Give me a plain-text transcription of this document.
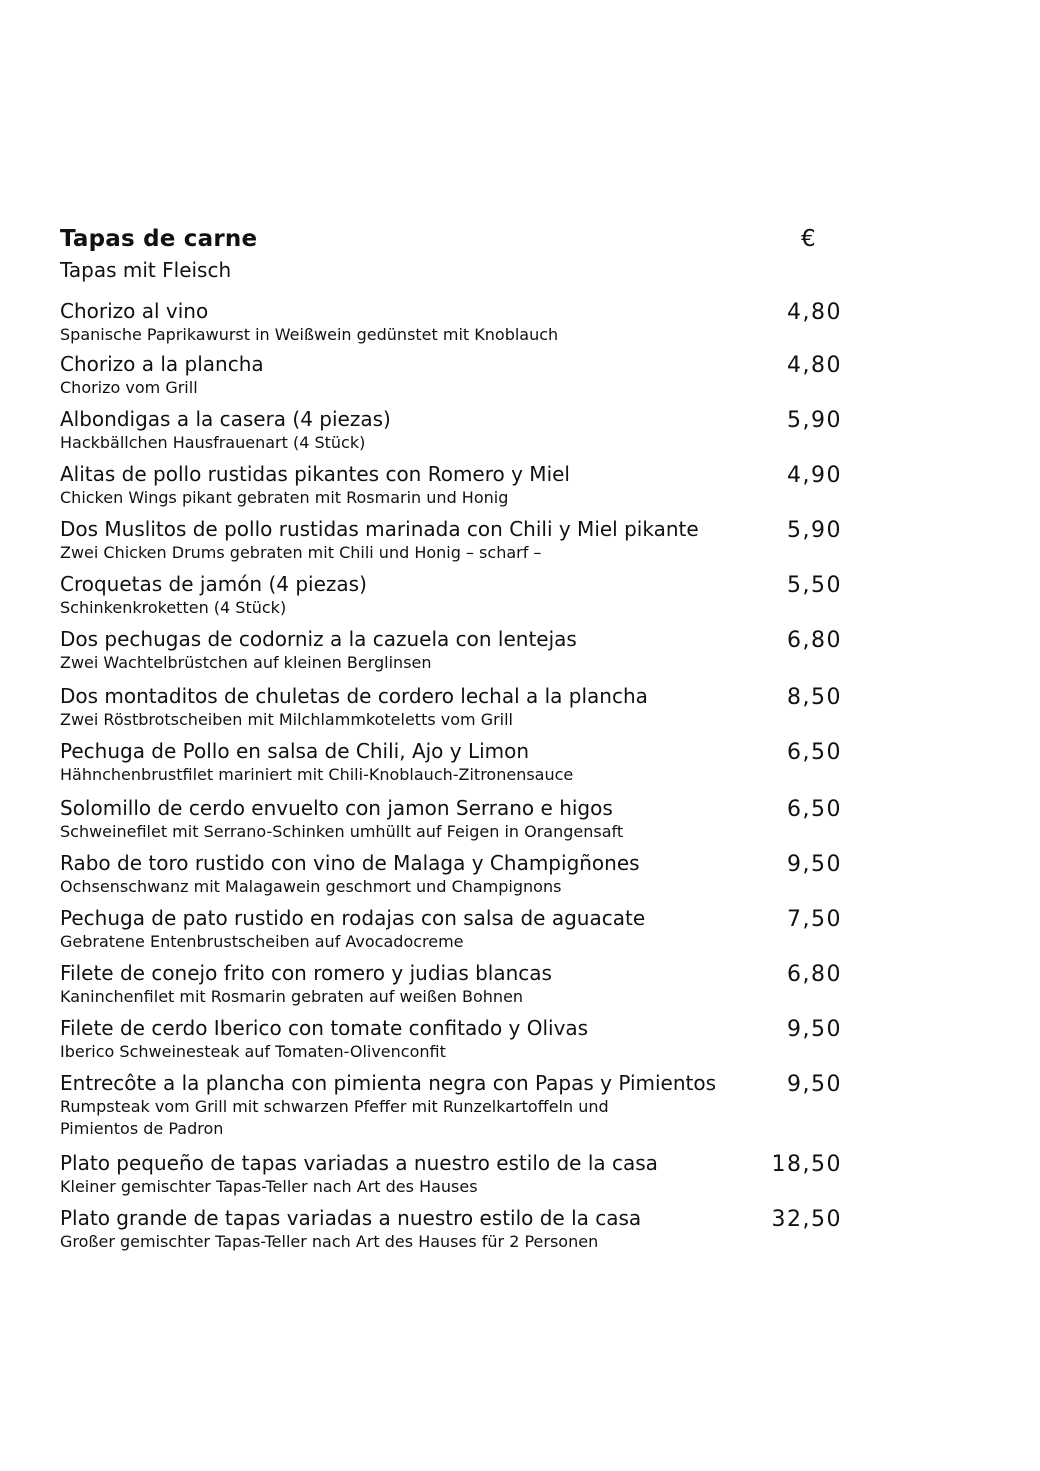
Tapas de carne	€
Tapas mit Fleisch
Chorizo al vino
Spanische Paprikawurst in Weißwein gedünstet mit Knoblauch
4,80
Chorizo a la plancha
Chorizo vom Grill
4,80
Albondigas a la casera (4 piezas)
Hackbällchen Hausfrauenart (4 Stück)
5,90
Alitas de pollo rustidas pikantes con Romero y Miel
Chicken Wings pikant gebraten mit Rosmarin und Honig
4,90
Dos Muslitos de pollo rustidas marinada con Chili y Miel pikante
Zwei Chicken Drums gebraten mit Chili und Honig – scharf –
5,90
Croquetas de jamón (4 piezas)
Schinkenkroketten (4 Stück)
5,50
Dos pechugas de codorniz a la cazuela con lentejas
Zwei Wachtelbrüstchen auf kleinen Berglinsen
6,80
Dos montaditos de chuletas de cordero lechal a la plancha
Zwei Röstbrotscheiben mit Milchlammkoteletts vom Grill
8,50
Pechuga de Pollo en salsa de Chili, Ajo y Limon
Hähnchenbrustfilet mariniert mit Chili-Knoblauch-Zitronensauce
6,50
Solomillo de cerdo envuelto con jamon Serrano e higos
Schweinefilet mit Serrano-Schinken umhüllt auf Feigen in Orangensaft
6,50
Rabo de toro rustido con vino de Malaga y Champigñones
Ochsenschwanz mit Malagawein geschmort und Champignons
9,50
Pechuga de pato rustido en rodajas con salsa de aguacate
Gebratene Entenbrustscheiben auf Avocadocreme
7,50
Filete de conejo frito con romero y judias blancas
Kaninchenfilet mit Rosmarin gebraten auf weißen Bohnen
6,80
Filete de cerdo Iberico con tomate confitado y Olivas
Iberico Schweinesteak auf Tomaten-Olivenconfit
9,50
Entrecôte a la plancha con pimienta negra con Papas y Pimientos
Rumpsteak vom Grill mit schwarzen Pfeffer mit Runzelkartoffeln und Pimientos de Padron
9,50
Plato pequeño de tapas variadas a nuestro estilo de la casa
Kleiner gemischter Tapas-Teller nach Art des Hauses
18,50
Plato grande de tapas variadas a nuestro estilo de la casa
Großer gemischter Tapas-Teller nach Art des Hauses für 2 Personen
32,50
